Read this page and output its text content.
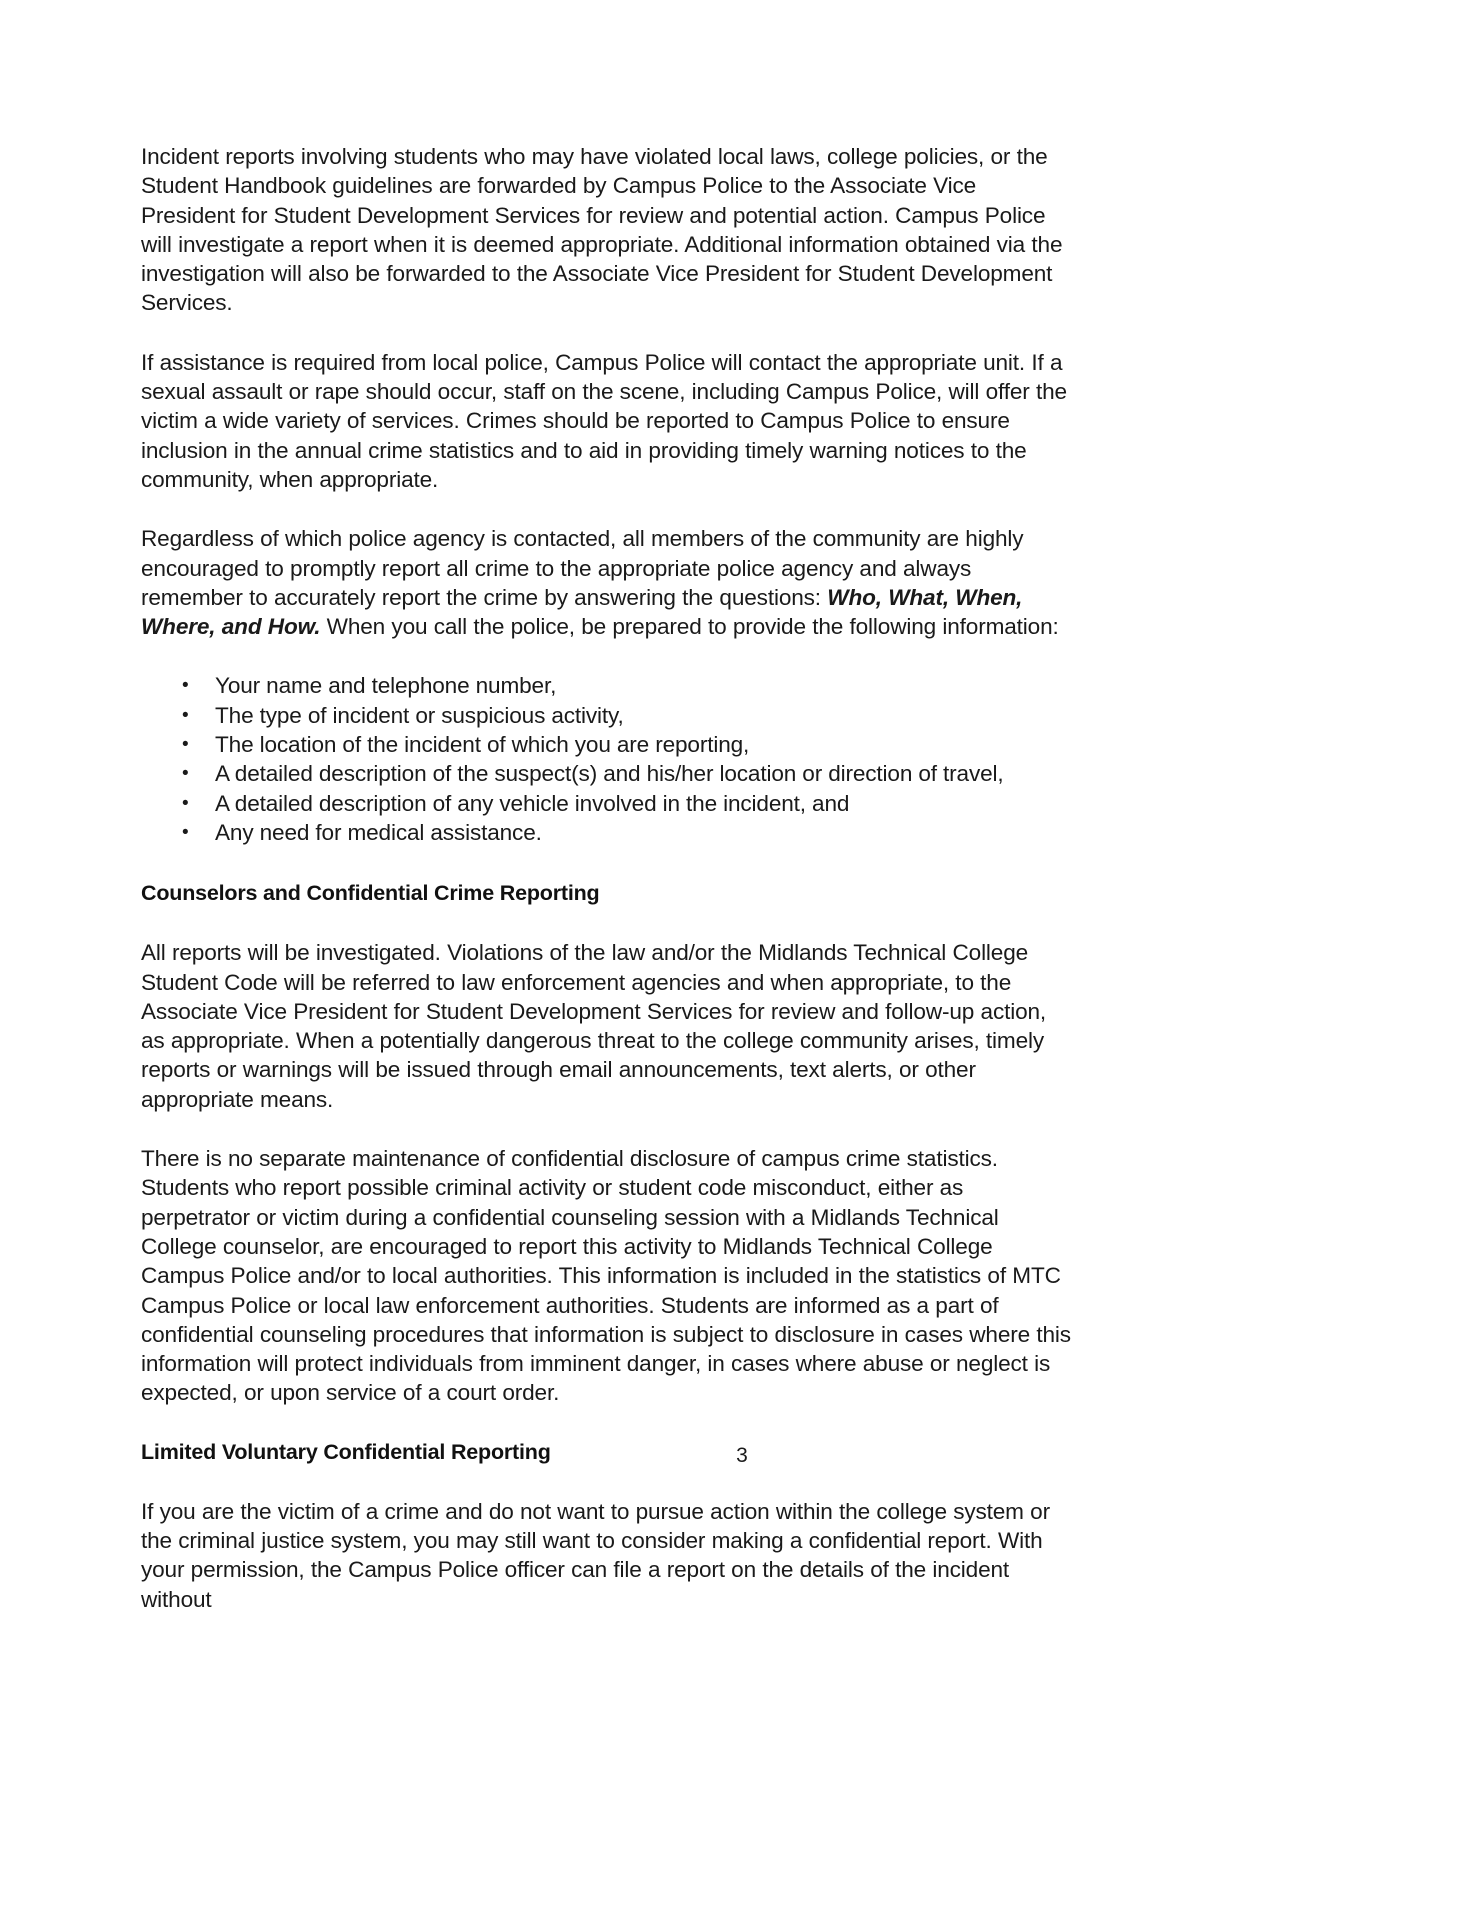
Incident reports involving students who may have violated local laws, college policies, or the Student Handbook guidelines are forwarded by Campus Police to the Associate Vice President for Student Development Services for review and potential action. Campus Police will investigate a report when it is deemed appropriate. Additional information obtained via the investigation will also be forwarded to the Associate Vice President for Student Development Services.

If assistance is required from local police, Campus Police will contact the appropriate unit. If a sexual assault or rape should occur, staff on the scene, including Campus Police, will offer the victim a wide variety of services. Crimes should be reported to Campus Police to ensure inclusion in the annual crime statistics and to aid in providing timely warning notices to the community, when appropriate.

Regardless of which police agency is contacted, all members of the community are highly encouraged to promptly report all crime to the appropriate police agency and always remember to accurately report the crime by answering the questions: Who, What, When, Where, and How. When you call the police, be prepared to provide the following information:

• Your name and telephone number,
• The type of incident or suspicious activity,
• The location of the incident of which you are reporting,
• A detailed description of the suspect(s) and his/her location or direction of travel,
• A detailed description of any vehicle involved in the incident, and
• Any need for medical assistance.
Counselors and Confidential Crime Reporting

All reports will be investigated. Violations of the law and/or the Midlands Technical College Student Code will be referred to law enforcement agencies and when appropriate, to the Associate Vice President for Student Development Services for review and follow-up action, as appropriate. When a potentially dangerous threat to the college community arises, timely reports or warnings will be issued through email announcements, text alerts, or other appropriate means.

There is no separate maintenance of confidential disclosure of campus crime statistics. Students who report possible criminal activity or student code misconduct, either as perpetrator or victim during a confidential counseling session with a Midlands Technical College counselor, are encouraged to report this activity to Midlands Technical College Campus Police and/or to local authorities. This information is included in the statistics of MTC Campus Police or local law enforcement authorities. Students are informed as a part of confidential counseling procedures that information is subject to disclosure in cases where this information will protect individuals from imminent danger, in cases where abuse or neglect is expected, or upon service of a court order.

Limited Voluntary Confidential Reporting

If you are the victim of a crime and do not want to pursue action within the college system or the criminal justice system, you may still want to consider making a confidential report. With your permission, the Campus Police officer can file a report on the details of the incident without

3
